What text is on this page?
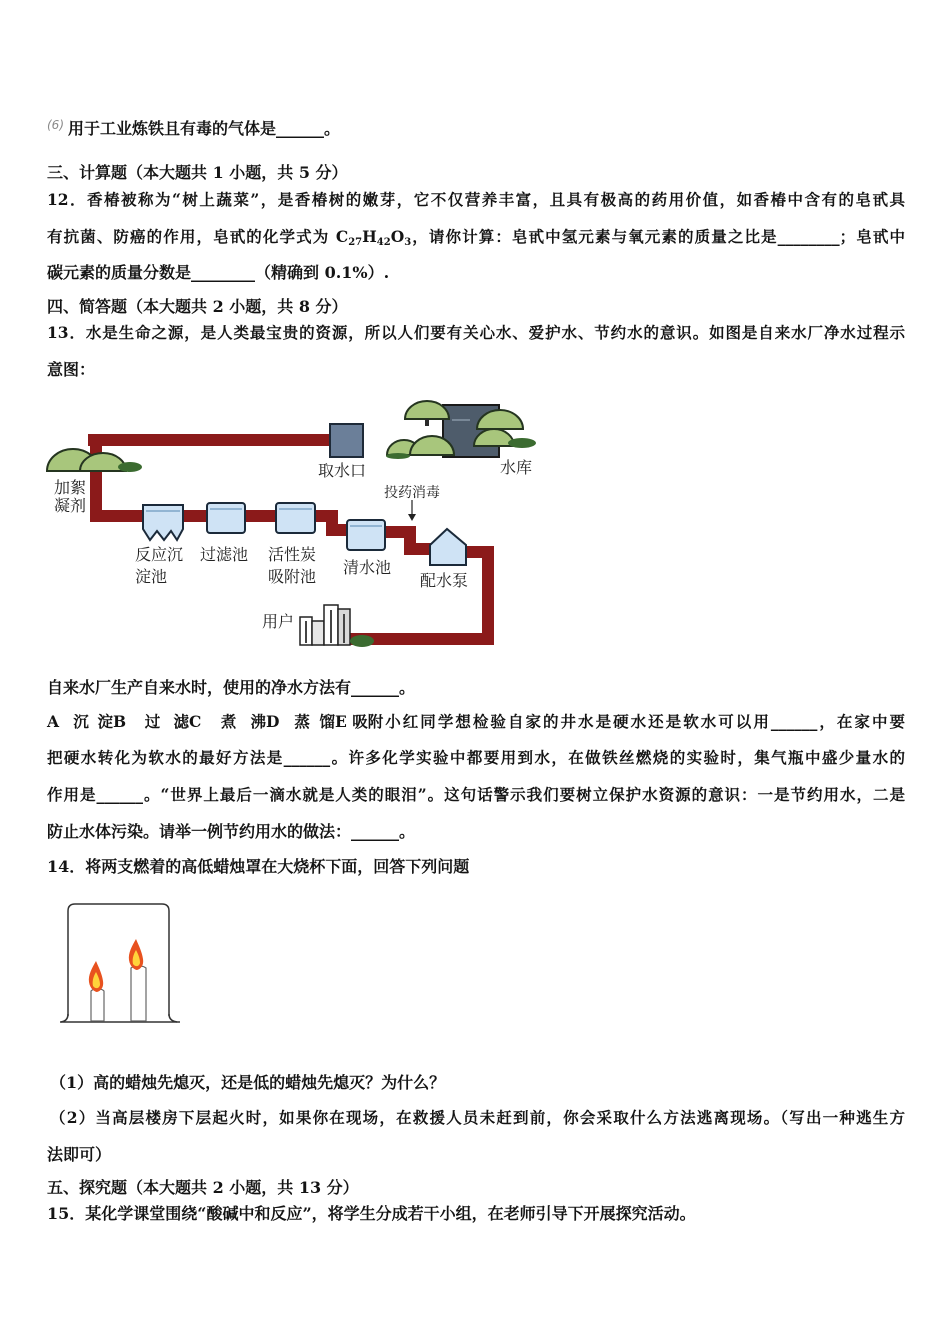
(6) 用于工业炼铁且有毒的气体是______。
三、计算题（本大题共 1 小题，共 5 分）
12．香椿被称为“树上蔬菜”，是香椿树的嫩芽，它不仅营养丰富，且具有极高的药用价值，如香椿中含有的皂甙具
有抗菌、防癌的作用，皂甙的化学式为 $C_{27}H_{42}O_3$，请你计算：皂甙中氢元素与氧元素的质量之比是________；皂甙中
碳元素的质量分数是________（精确到 0.1%）.
四、简答题（本大题共 2 小题，共 8 分）
13．水是生命之源，是人类最宝贵的资源，所以人们要有关心水、爱护水、节约水的意识。如图是自来水厂净水过程示
意图：
取水口	水库
加絮
凝剂
反应沉
淀池
过滤池 活性炭
吸附池 清水池
投药消毒
配水泵
用户
自来水厂生产自来水时，使用的净水方法有______。
A 沉淀B 过滤C 煮沸D 蒸馏E 吸附小红同学想检验自家的井水是硬水还是软水可以用______，在家中要
把硬水转化为软水的最好方法是______。许多化学实验中都要用到水，在做铁丝燃烧的实验时，集气瓶中盛少量水的
作用是______。“世界上最后一滴水就是人类的眼泪”。这句话警示我们要树立保护水资源的意识：一是节约用水，二是
防止水体污染。请举一例节约用水的做法：______。
14．将两支燃着的高低蜡烛罩在大烧杯下面，回答下列问题
（1）高的蜡烛先熄灭，还是低的蜡烛先熄灭？为什么？
（2）当高层楼房下层起火时，如果你在现场，在救援人员未赶到前，你会采取什么方法逃离现场。（写出一种逃生方
法即可）
五、探究题（本大题共 2 小题，共 13 分）
15．某化学课堂围绕“酸碱中和反应”，将学生分成若干小组，在老师引导下开展探究活动。
